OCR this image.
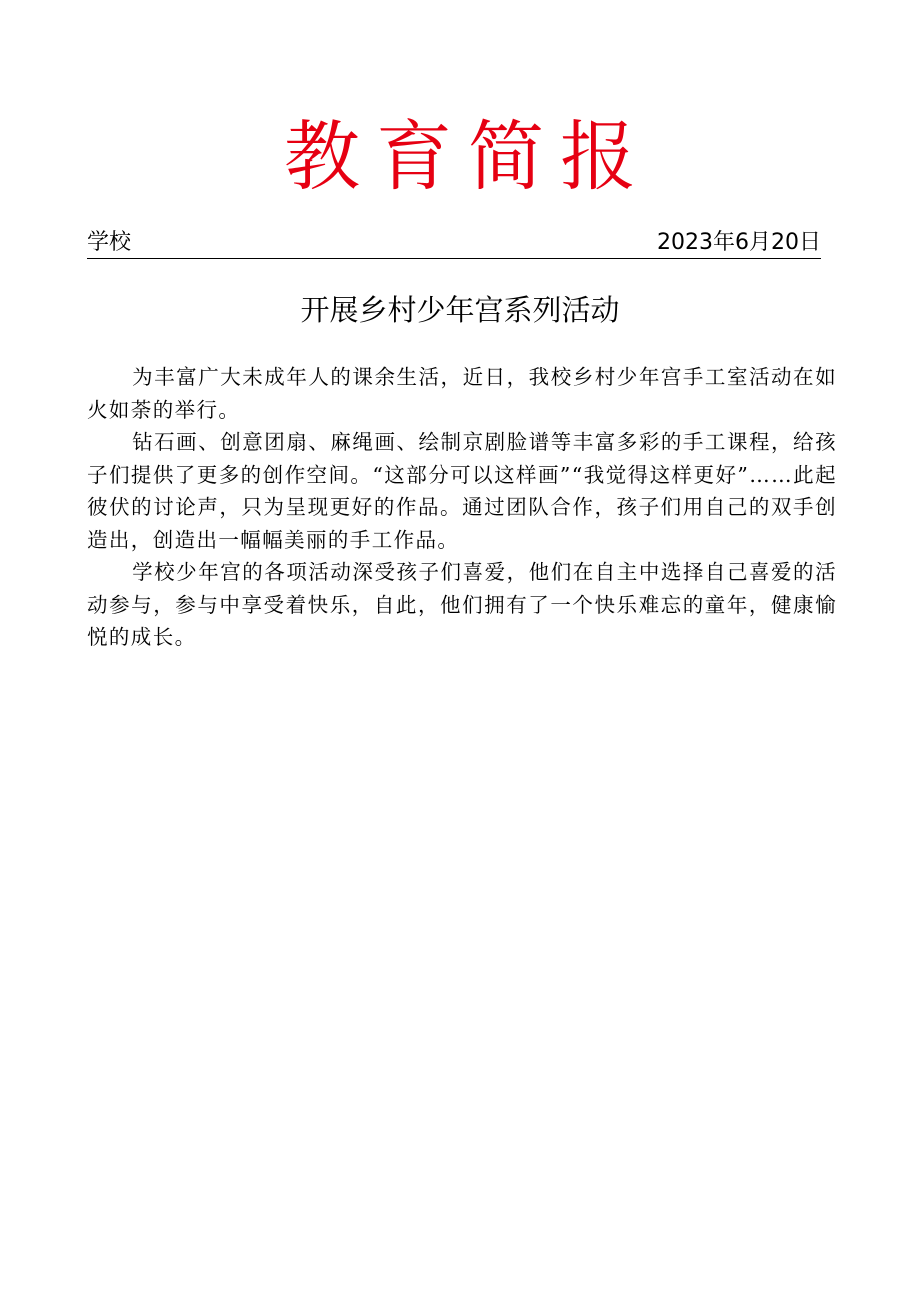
教育简报
学校	2023年6月20日
开展乡村少年宫系列活动

为丰富广大未成年人的课余生活，近日，我校乡村少年宫手工室活动在如火如荼的举行。

钻石画、创意团扇、麻绳画、绘制京剧脸谱等丰富多彩的手工课程，给孩子们提供了更多的创作空间。“这部分可以这样画”“我觉得这样更好”……此起彼伏的讨论声，只为呈现更好的作品。通过团队合作，孩子们用自己的双手创造出，创造出一幅幅美丽的手工作品。

学校少年宫的各项活动深受孩子们喜爱，他们在自主中选择自己喜爱的活动参与，参与中享受着快乐，自此，他们拥有了一个快乐难忘的童年，健康愉悦的成长。
